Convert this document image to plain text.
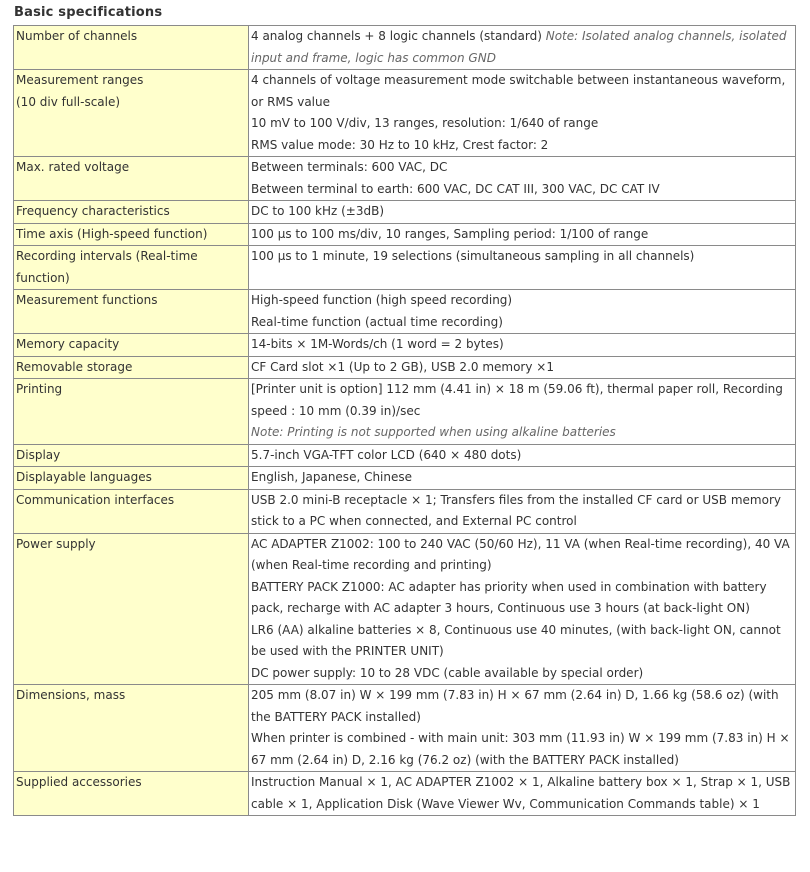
Basic specifications
Number of channels	4 analog channels + 8 logic channels (standard) Note: Isolated analog channels, isolated input and frame, logic has common GND

Measurement ranges
(10 div full-scale)	4 channels of voltage measurement mode switchable between instantaneous waveform, or RMS value
10 mV to 100 V/div, 13 ranges, resolution: 1/640 of range
RMS value mode: 30 Hz to 10 kHz, Crest factor: 2

Max. rated voltage	Between terminals: 600 VAC, DC
Between terminal to earth: 600 VAC, DC CAT III, 300 VAC, DC CAT IV

Frequency characteristics	DC to 100 kHz (±3dB)

Time axis (High-speed function)	100 μs to 100 ms/div, 10 ranges, Sampling period: 1/100 of range

Recording intervals (Real-time function)	100 μs to 1 minute, 19 selections (simultaneous sampling in all channels)

Measurement functions	High-speed function (high speed recording)
Real-time function (actual time recording)

Memory capacity	14-bits × 1M-Words/ch (1 word = 2 bytes)

Removable storage	CF Card slot ×1 (Up to 2 GB), USB 2.0 memory ×1

Printing	[Printer unit is option] 112 mm (4.41 in) × 18 m (59.06 ft), thermal paper roll, Recording speed : 10 mm (0.39 in)/sec
Note: Printing is not supported when using alkaline batteries

Display	5.7-inch VGA-TFT color LCD (640 × 480 dots)

Displayable languages	English, Japanese, Chinese

Communication interfaces	USB 2.0 mini-B receptacle × 1; Transfers files from the installed CF card or USB memory stick to a PC when connected, and External PC control

Power supply	AC ADAPTER Z1002: 100 to 240 VAC (50/60 Hz), 11 VA (when Real-time recording), 40 VA (when Real-time recording and printing)
BATTERY PACK Z1000: AC adapter has priority when used in combination with battery pack, recharge with AC adapter 3 hours, Continuous use 3 hours (at back-light ON)
LR6 (AA) alkaline batteries × 8, Continuous use 40 minutes, (with back-light ON, cannot be used with the PRINTER UNIT)
DC power supply: 10 to 28 VDC (cable available by special order)

Dimensions, mass	205 mm (8.07 in) W × 199 mm (7.83 in) H × 67 mm (2.64 in) D, 1.66 kg (58.6 oz) (with the BATTERY PACK installed)
When printer is combined - with main unit: 303 mm (11.93 in) W × 199 mm (7.83 in) H × 67 mm (2.64 in) D, 2.16 kg (76.2 oz) (with the BATTERY PACK installed)

Supplied accessories	Instruction Manual × 1, AC ADAPTER Z1002 × 1, Alkaline battery box × 1, Strap × 1, USB cable × 1, Application Disk (Wave Viewer Wv, Communication Commands table) × 1
